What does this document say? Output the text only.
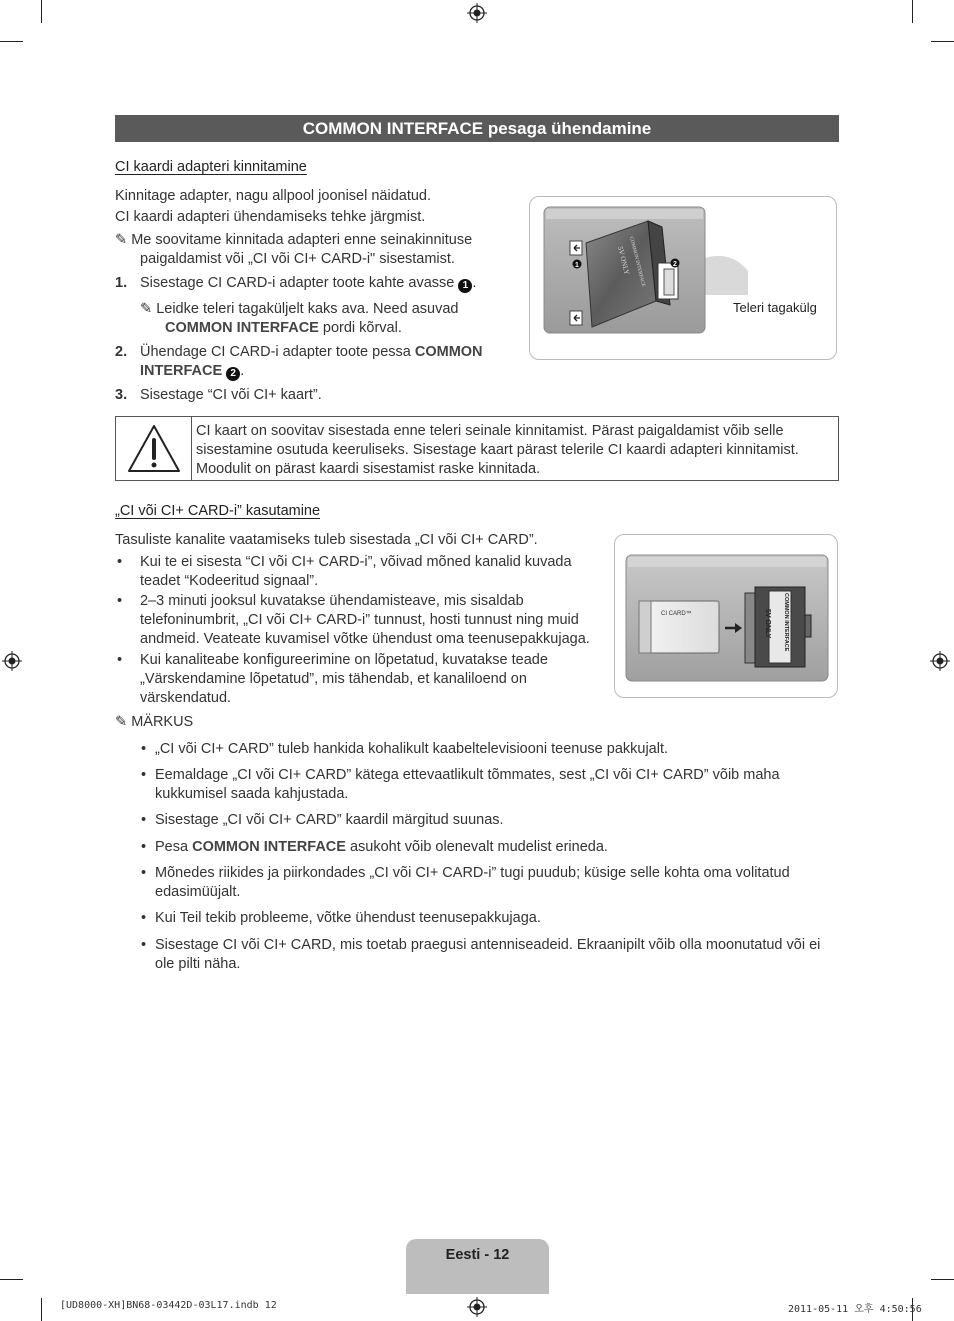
COMMON INTERFACE pesaga ühendamine
CI kaardi adapteri kinnitamine
Kinnitage adapter, nagu allpool joonisel näidatud.
CI kaardi adapteri ühendamiseks tehke järgmist.
✎ Me soovitame kinnitada adapteri enne seinakinnituse
paigaldamist või „CI või CI+ CARD-i" sisestamist.
1. Sisestage CI CARD-i adapter toote kahte avasse 1 .
✎ Leidke teleri tagaküljelt kaks ava. Need asuvad
COMMON INTERFACE pordi kõrval.
2. Ühendage CI CARD-i adapter toote pessa COMMON
INTERFACE 2 .
3. Sisestage “CI või CI+ kaart”.
1	5V ONLY
COMMON INTERFACE	2
Teleri tagakülg
CI kaart on soovitav sisestada enne teleri seinale kinnitamist. Pärast paigaldamist võib selle
sisestamine osutuda keeruliseks. Sisestage kaart pärast telerile CI kaardi adapteri kinnitamist.
Moodulit on pärast kaardi sisestamist raske kinnitada.
„CI või CI+ CARD-i” kasutamine
Tasuliste kanalite vaatamiseks tuleb sisestada „CI või CI+ CARD”.
• Kui te ei sisesta “CI või CI+ CARD-i”, võivad mõned kanalid kuvada
teadet “Kodeeritud signaal”.
• 2–3 minuti jooksul kuvatakse ühendamisteave, mis sisaldab
telefoninumbrit, „CI või CI+ CARD-i” tunnust, hosti tunnust ning muid
andmeid. Veateate kuvamisel võtke ühendust oma teenusepakkujaga.
• Kui kanaliteabe konfigureerimine on lõpetatud, kuvatakse teade
„Värskendamine lõpetatud”, mis tähendab, et kanaliloend on
värskendatud.
CI CARD™	5V ONLY COMMON INTERFACE
✎ MÄRKUS
• „CI või CI+ CARD” tuleb hankida kohalikult kaabeltelevisiooni teenuse pakkujalt.
• Eemaldage „CI või CI+ CARD” kätega ettevaatlikult tõmmates, sest „CI või CI+ CARD” võib maha
kukkumisel saada kahjustada.
• Sisestage „CI või CI+ CARD” kaardil märgitud suunas.
• Pesa COMMON INTERFACE asukoht võib olenevalt mudelist erineda.
• Mõnedes riikides ja piirkondades „CI või CI+ CARD-i” tugi puudub; küsige selle kohta oma volitatud
edasimüüjalt.
• Kui Teil tekib probleeme, võtke ühendust teenusepakkujaga.
• Sisestage CI või CI+ CARD, mis toetab praegusi antenniseadeid. Ekraanipilt võib olla moonutatud või ei
ole pilti näha.
Eesti - 12
[UD8000-XH]BN68-03442D-03L17.indb 12	2011-05-11 오후 4:50:56
